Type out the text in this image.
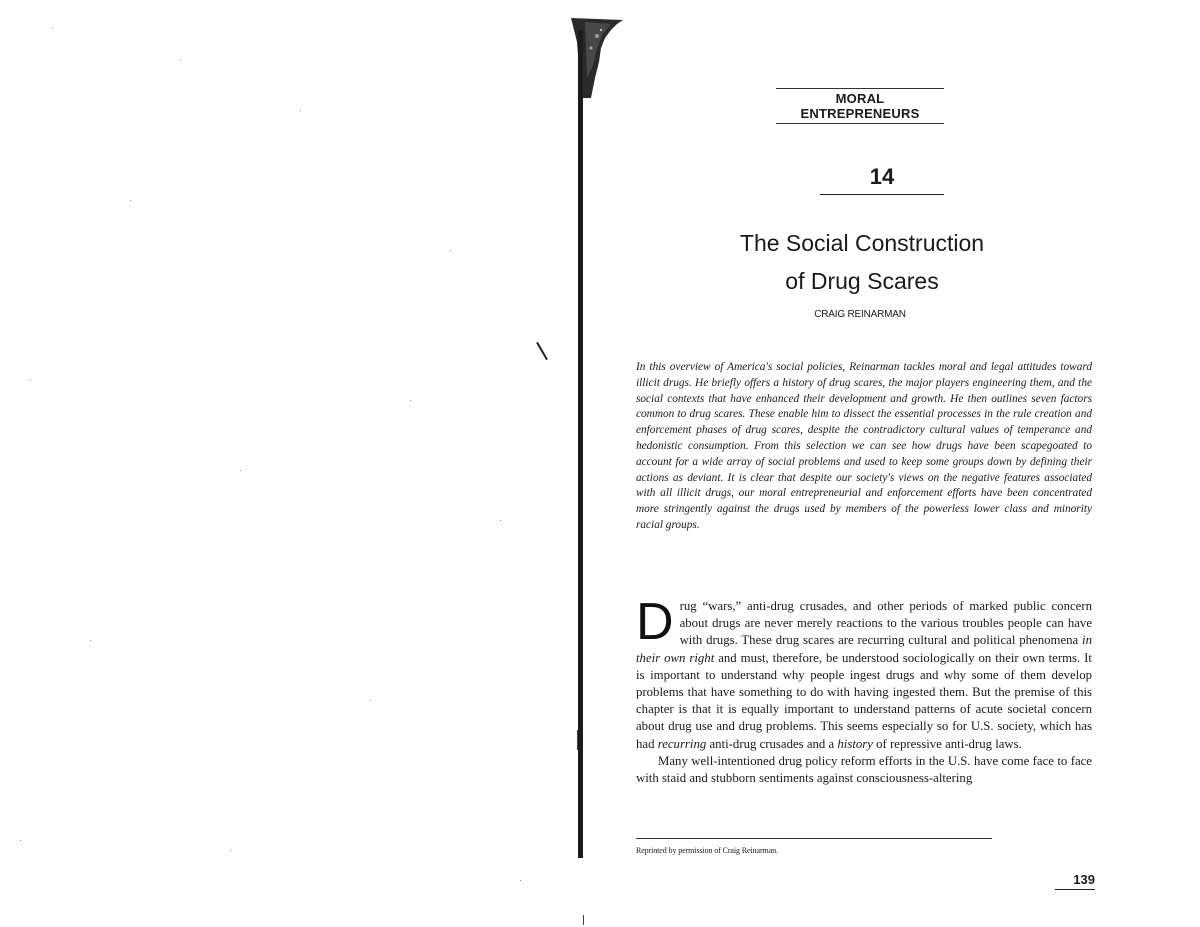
MORAL ENTREPRENEURS
14
The Social Construction
of Drug Scares
CRAIG REINARMAN

In this overview of America's social policies, Reinarman tackles moral and legal attitudes toward illicit drugs. He briefly offers a history of drug scares, the major players engineering them, and the social contexts that have enhanced their development and growth. He then outlines seven factors common to drug scares. These enable him to dissect the essential processes in the rule creation and enforcement phases of drug scares, despite the contradictory cultural values of temperance and hedonistic consumption. From this selection we can see how drugs have been scapegoated to account for a wide array of social problems and used to keep some groups down by defining their actions as deviant. It is clear that despite our society's views on the negative features associated with all illicit drugs, our moral entrepreneurial and enforcement efforts have been concentrated more stringently against the drugs used by members of the powerless lower class and minority racial groups.

Drug “wars,” anti-drug crusades, and other periods of marked public concern about drugs are never merely reactions to the various troubles people can have with drugs. These drug scares are recurring cultural and political phenomena in their own right and must, therefore, be understood sociologically on their own terms. It is important to understand why people ingest drugs and why some of them develop problems that have something to do with having ingested them. But the premise of this chapter is that it is equally important to understand patterns of acute societal concern about drug use and drug problems. This seems especially so for U.S. society, which has had recurring anti-drug crusades and a history of repressive anti-drug laws.

Many well-intentioned drug policy reform efforts in the U.S. have come face to face with staid and stubborn sentiments against consciousness-altering

Reprinted by permission of Craig Reinarman.
139
